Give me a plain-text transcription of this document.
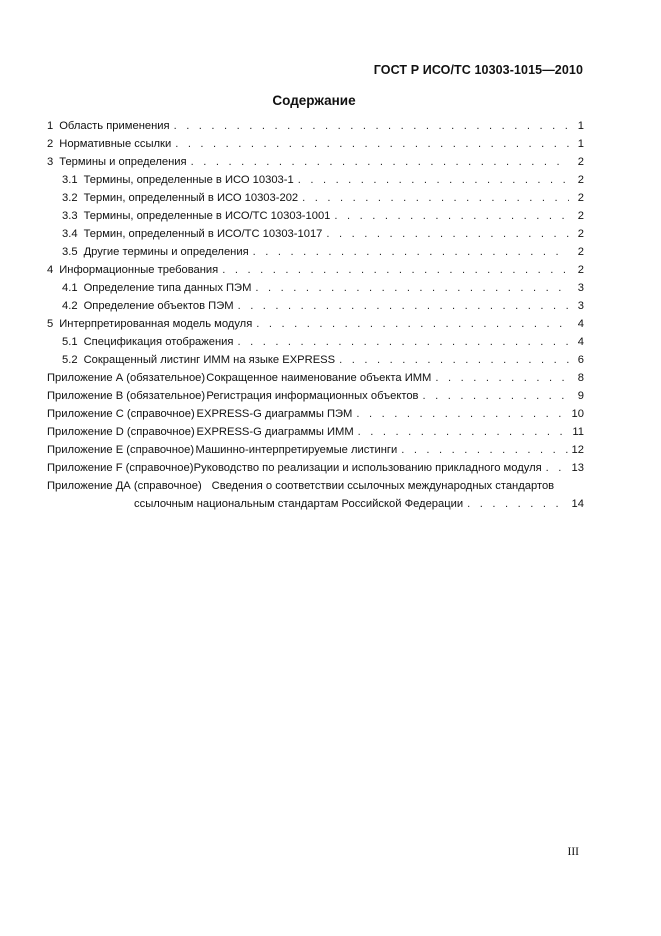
ГОСТ Р ИСО/ТС 10303-1015—2010
Содержание
1 Область применения . . .	1
2 Нормативные ссылки . . .	1
3 Термины и определения . . .	2
3.1 Термины, определенные в ИСО 10303-1 . . .	2
3.2 Термин, определенный в ИСО 10303-202 . . .	2
3.3 Термины, определенные в ИСО/ТС 10303-1001 . . .	2
3.4 Термин, определенный в ИСО/ТС 10303-1017 . . .	2
3.5 Другие термины и определения . . .	2
4 Информационные требования . . .	2
4.1 Определение типа данных ПЭМ . . .	3
4.2 Определение объектов ПЭМ . . .	3
5 Интерпретированная модель модуля . . .	4
5.1 Спецификация отображения . . .	4
5.2 Сокращенный листинг ИММ на языке EXPRESS . . .	6
Приложение А (обязательное) Сокращенное наименование объекта ИММ . . .	8
Приложение В (обязательное) Регистрация информационных объектов . . .	9
Приложение С (справочное) EXPRESS-G диаграммы ПЭМ . . .	10
Приложение D (справочное) EXPRESS-G диаграммы ИММ . . .	11
Приложение Е (справочное) Машинно-интерпретируемые листинги . . .	12
Приложение F (справочное) Руководство по реализации и использованию прикладного модуля . . .	13
Приложение ДА (справочное) Сведения о соответствии ссылочных международных стандартов
ссылочным национальным стандартам Российской Федерации . . .	14
III
